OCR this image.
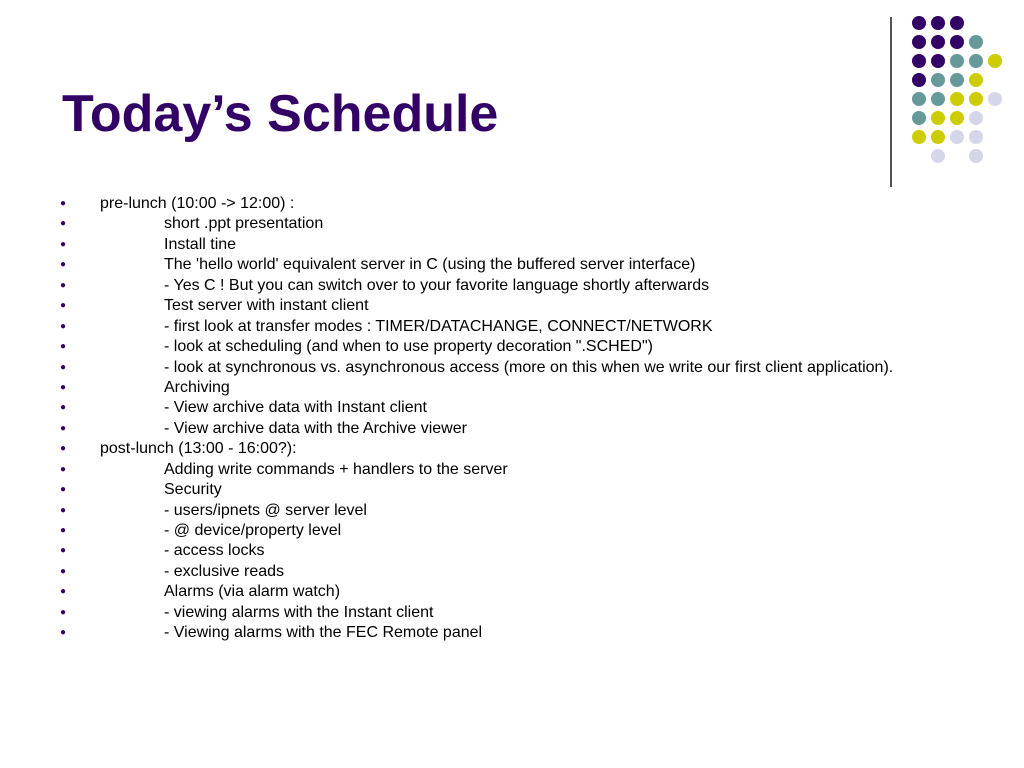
Today’s Schedule
● pre-lunch (10:00 -> 12:00) :
●	short .ppt presentation
●	Install tine
●	The 'hello world' equivalent server in C (using the buffered server interface)
●	- Yes C ! But you can switch over to your favorite language shortly afterwards
●	Test server with instant client
●	- first look at transfer modes : TIMER/DATACHANGE, CONNECT/NETWORK
●	- look at scheduling (and when to use property decoration ".SCHED")
●	- look at synchronous vs. asynchronous access (more on this when we write our first client application).
●	Archiving
●	- View archive data with Instant client
●	- View archive data with the Archive viewer
● post-lunch (13:00 - 16:00?):
●	Adding write commands + handlers to the server
●	Security
●	- users/ipnets @ server level
●	- @ device/property level
●	- access locks
●	- exclusive reads
●	Alarms (via alarm watch)
●	- viewing alarms with the Instant client
●	- Viewing alarms with the FEC Remote panel
